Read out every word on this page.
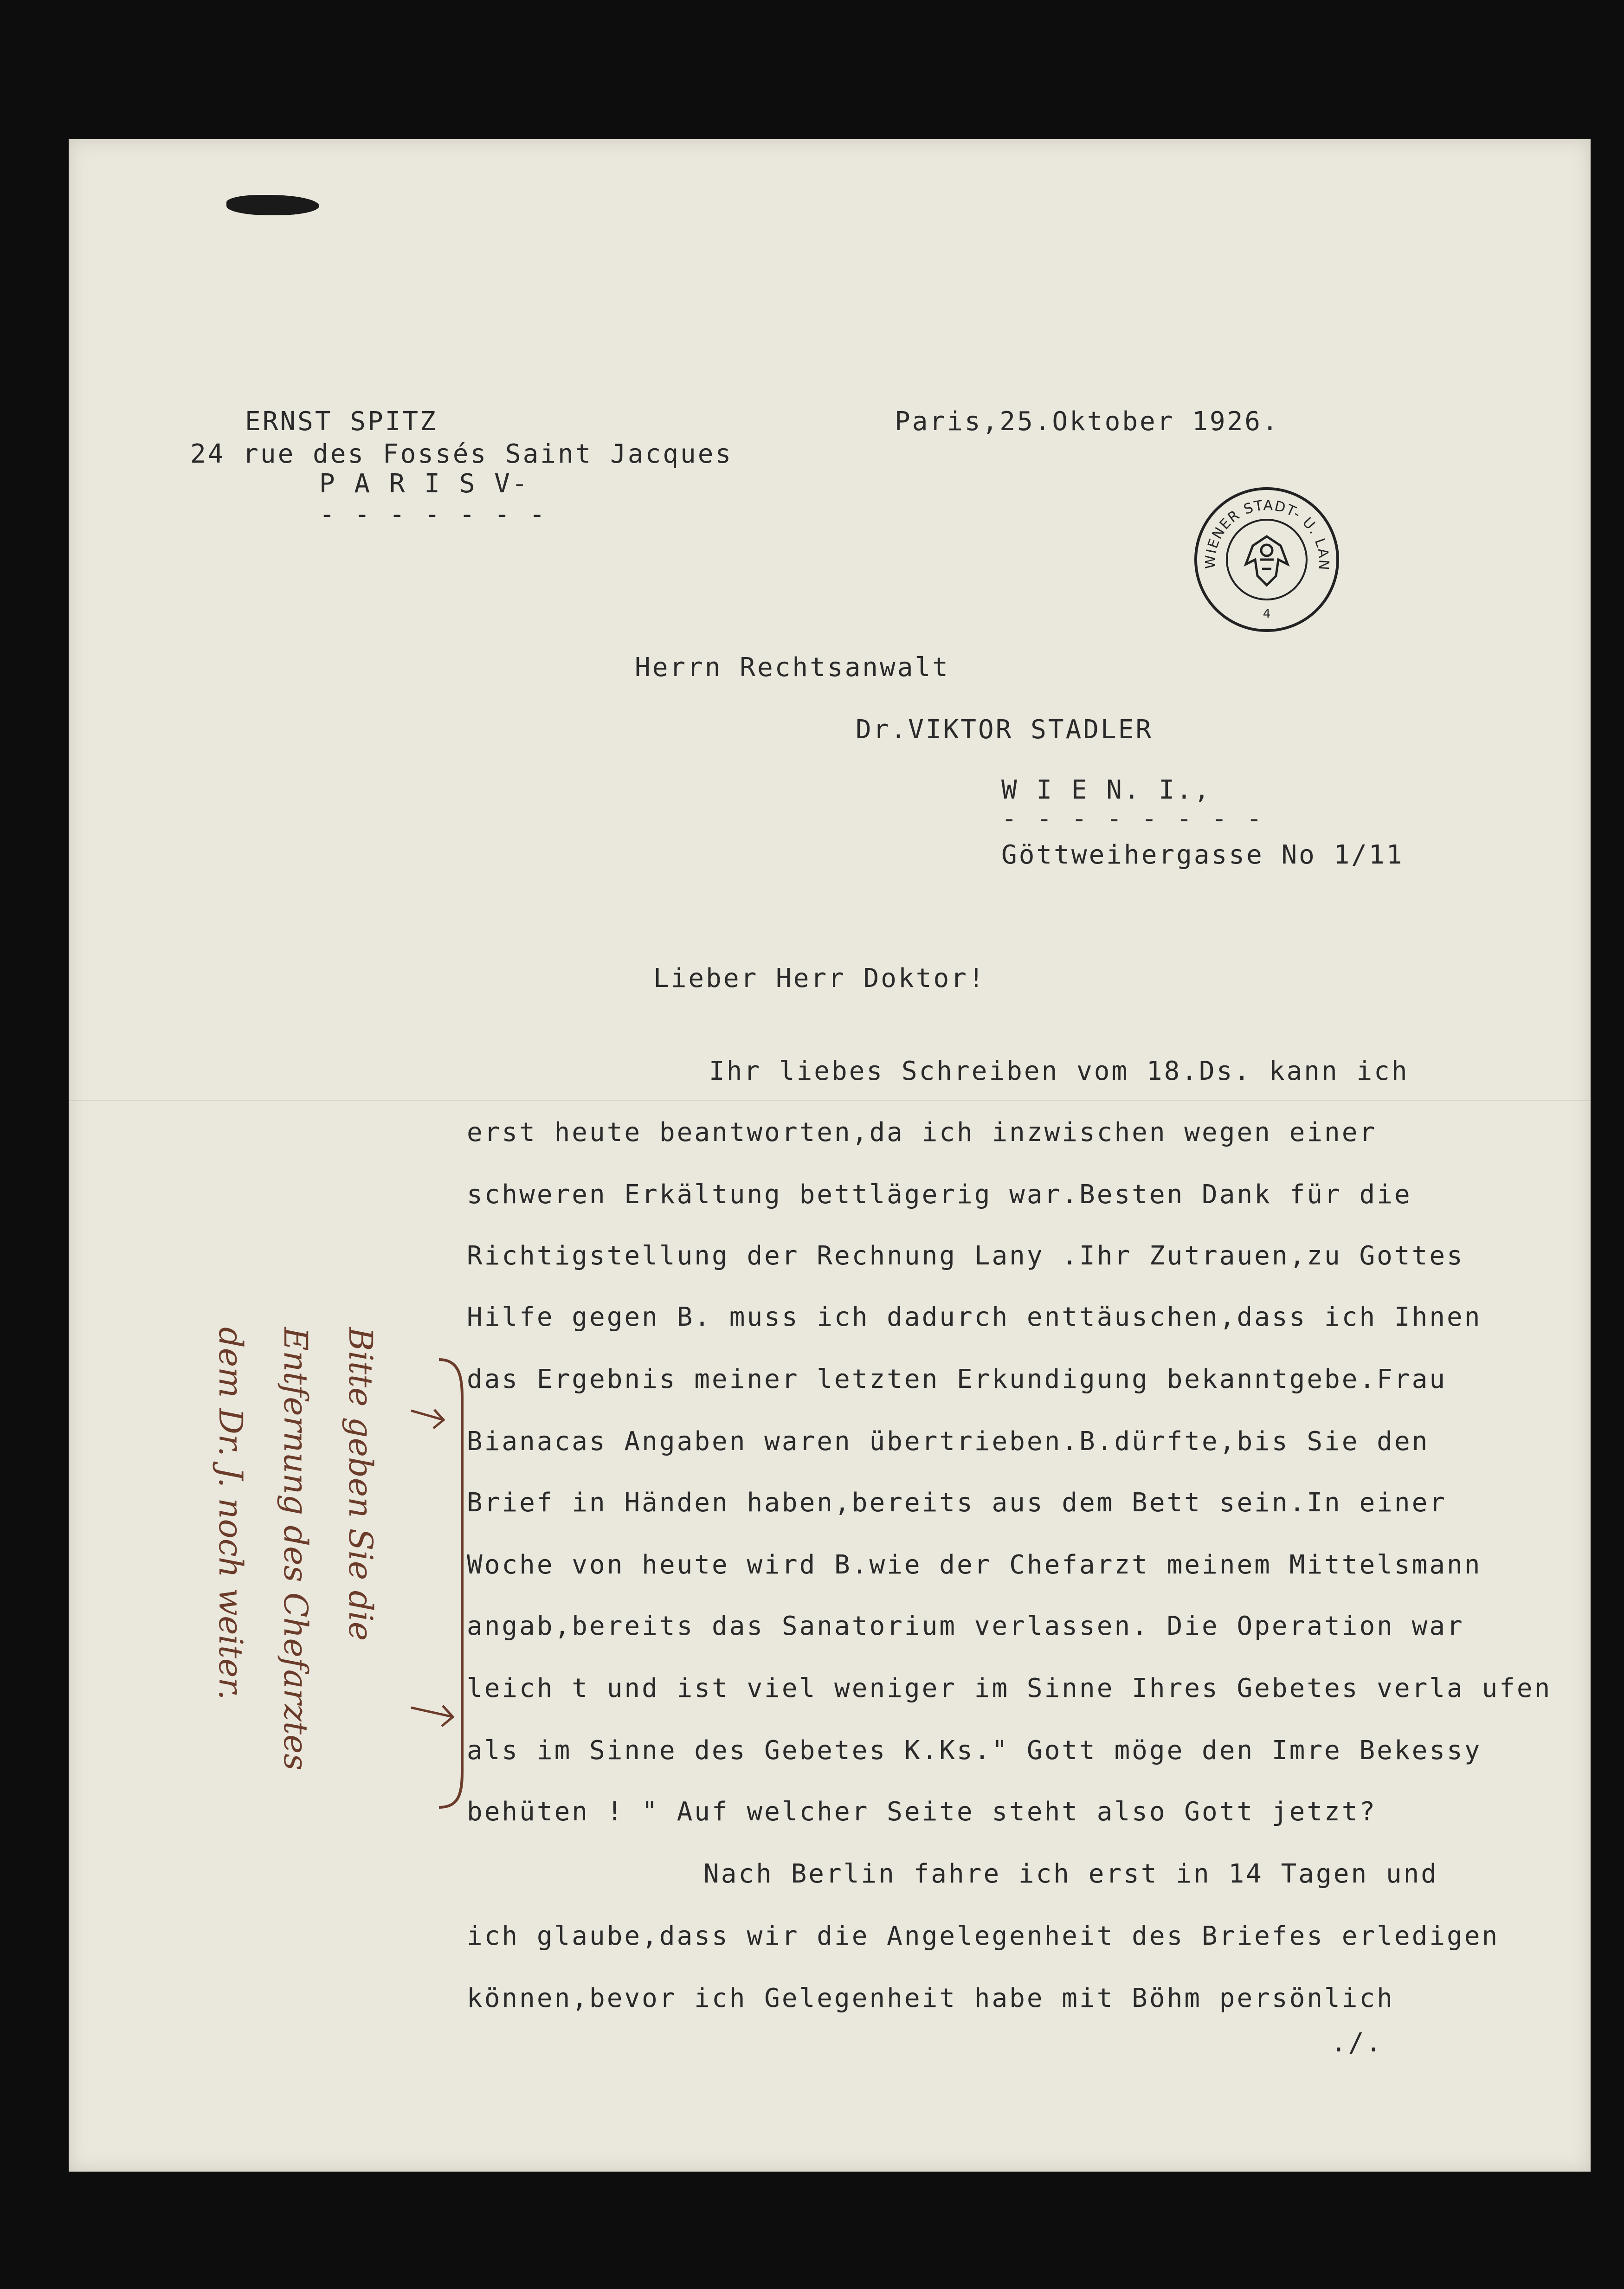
ERNST SPITZ
24 rue des Fossés Saint Jacques
P A R I S V-
- - - - - - -
Paris,25.Oktober 1926.
WIENER STADT- U. LAN
4
Herrn Rechtsanwalt
Dr.VIKTOR STADLER
W I E N. I.,
- - - - - - - -
Göttweihergasse No 1/11
Lieber Herr Doktor!
Ihr liebes Schreiben vom 18.Ds. kann ich
erst heute beantworten,da ich inzwischen wegen einer
schweren Erkältung bettlägerig war.Besten Dank für die
Richtigstellung der Rechnung Lany .Ihr Zutrauen,zu Gottes
Hilfe gegen B. muss ich dadurch enttäuschen,dass ich Ihnen
das Ergebnis meiner letzten Erkundigung bekanntgebe.Frau
Bianacas Angaben waren übertrieben.B.dürfte,bis Sie den
Brief in Händen haben,bereits aus dem Bett sein.In einer
Woche von heute wird B.wie der Chefarzt meinem Mittelsmann
angab,bereits das Sanatorium verlassen. Die Operation war
leich t und ist viel weniger im Sinne Ihres Gebetes verla ufen
als im Sinne des Gebetes K.Ks." Gott möge den Imre Bekessy
behüten ! " Auf welcher Seite steht also Gott jetzt?
Nach Berlin fahre ich erst in 14 Tagen und
ich glaube,dass wir die Angelegenheit des Briefes erledigen
können,bevor ich Gelegenheit habe mit Böhm persönlich
./.
Bitte geben Sie die
Entfernung des Chefarztes
dem Dr. J. noch weiter.
